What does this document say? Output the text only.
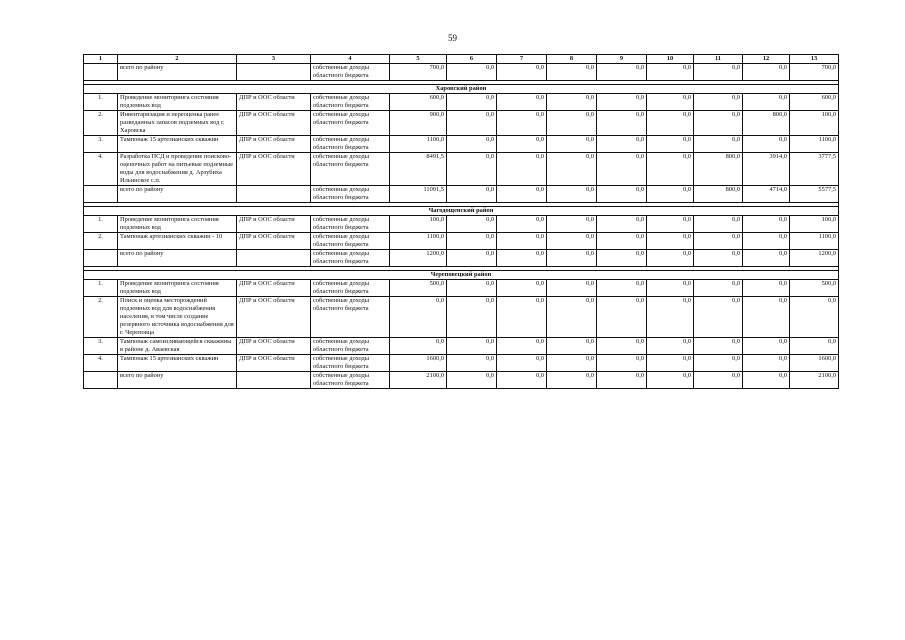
59
1	2	3	4	5	6	7	8	9	10	11	12	13
	всего по району		собственные доходы областного бюджета	700,0	0,0	0,0	0,0	0,0	0,0	0,0	0,0	700,0

Харовский район												
1.	Проведение мониторинга состояния подземных вод	ДПР и ООС области	собственные доходы областного бюджета	600,0	0,0	0,0	0,0	0,0	0,0	0,0	0,0	600,0
2.	Инвентаризация и переоценка ранее разведанных запасов подземных вод г. Харовска	ДПР и ООС области	собственные доходы областного бюджета	900,0	0,0	0,0	0,0	0,0	0,0	0,0	800,0	100,0
3.	Тампонаж 15 артезианских скважин	ДПР и ООС области	собственные доходы областного бюджета	1100,0	0,0	0,0	0,0	0,0	0,0	0,0	0,0	1100,0
4.	Разработка ПСД и проведение поисково-оценочных работ на питьевые подземные воды для водоснабжения д. Арзубиха Ильинское с.п.	ДПР и ООС области	собственные доходы областного бюджета	8491,5	0,0	0,0	0,0	0,0	0,0	800,0	3914,0	3777,5
	всего по району		собственные доходы областного бюджета	11091,5	0,0	0,0	0,0	0,0	0,0	800,0	4714,0	5577,5

Чагодощенский район												
1.	Проведение мониторинга состояния подземных вод	ДПР и ООС области	собственные доходы областного бюджета	100,0	0,0	0,0	0,0	0,0	0,0	0,0	0,0	100,0
2.	Тампонаж артезианских скважин - 10	ДПР и ООС области	собственные доходы областного бюджета	1100,0	0,0	0,0	0,0	0,0	0,0	0,0	0,0	1100,0
	всего по району		собственные доходы областного бюджета	1200,0	0,0	0,0	0,0	0,0	0,0	0,0	0,0	1200,0

Череповецкий район												
1.	Проведение мониторинга состояния подземных вод	ДПР и ООС области	собственные доходы областного бюджета	500,0	0,0	0,0	0,0	0,0	0,0	0,0	0,0	500,0
2.	Поиск и оценка месторождений подземных вод для водоснабжения населения, в том числе создание резервного источника водоснабжения для г. Череповца	ДПР и ООС области	собственные доходы областного бюджета	0,0	0,0	0,0	0,0	0,0	0,0	0,0	0,0	0,0
3.	Тампонаж самоизливающейся скважины в районе д. Аваевская	ДПР и ООС области	собственные доходы областного бюджета	0,0	0,0	0,0	0,0	0,0	0,0	0,0	0,0	0,0
4.	Тампонаж 15 артезианских скважин	ДПР и ООС области	собственные доходы областного бюджета	1600,0	0,0	0,0	0,0	0,0	0,0	0,0	0,0	1600,0
	всего по району		собственные доходы областного бюджета	2100,0	0,0	0,0	0,0	0,0	0,0	0,0	0,0	2100,0
